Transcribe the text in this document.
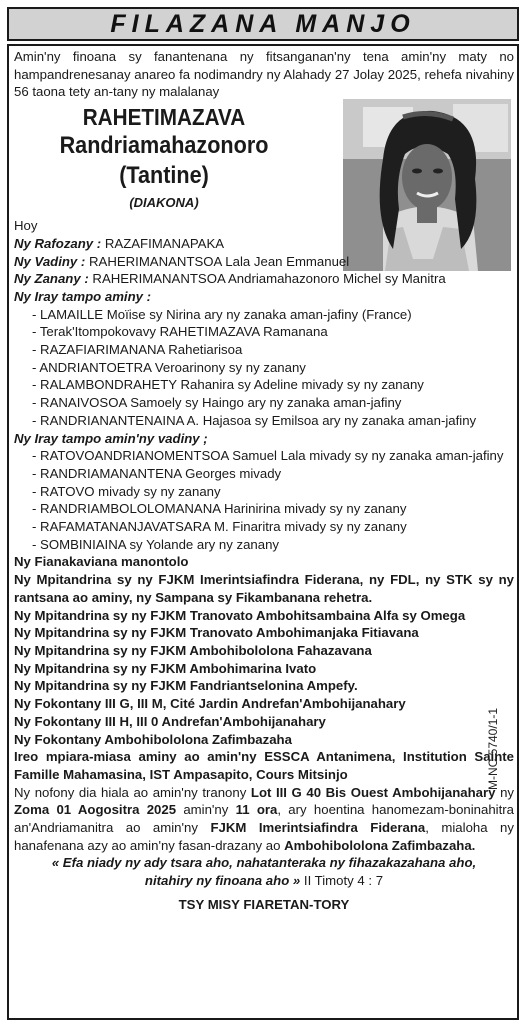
FILAZANA MANJO
Amin'ny finoana sy fanantenana ny fitsanganan'ny tena amin'ny maty no hampandrenesanay anareo fa nodimandry ny Alahady 27 Jolay 2025, rehefa nivahiny 56 taona tety an-tany ny malalanay
RAHETIMAZAVA
Randriamahazonoro
(Tantine)
(DIAKONA)
Hoy
Ny Rafozany : RAZAFIMANAPAKA
Ny Vadiny : RAHERIMANANTSOA Lala Jean Emmanuel
Ny Zanany : RAHERIMANANTSOA Andriamahazonoro Michel sy Manitra
Ny Iray tampo aminy :
- LAMAILLE Moïise sy Nirina ary ny zanaka aman-jafiny (France)
- Terak'Itompokovavy RAHETIMAZAVA Ramanana
- RAZAFIARIMANANA Rahetiarisoa
- ANDRIANTOETRA Veroarinony sy ny zanany
- RALAMBONDRAHETY Rahanira sy Adeline mivady sy ny zanany
- RANAIVOSOA Samoely sy Haingo ary ny zanaka aman-jafiny
- RANDRIANANTENAINA A. Hajasoa sy Emilsoa ary ny zanaka aman-jafiny
Ny Iray tampo amin'ny vadiny ;
- RATOVOANDRIANOMENTSOA Samuel Lala mivady sy ny zanaka aman-jafiny
- RANDRIAMANANTENA Georges mivady
- RATOVO mivady sy ny zanany
- RANDRIAMBOLOLOMANANA Harinirina mivady sy ny zanany
- RAFAMATANANJAVATSARA M. Finaritra mivady sy ny zanany
- SOMBINIAINA sy Yolande ary ny zanany
Ny Fianakaviana manontolo
Ny Mpitandrina sy ny FJKM Imerintsiafindra Fiderana, ny FDL, ny STK sy ny rantsana ao aminy, ny Sampana sy Fikambanana rehetra.
Ny Mpitandrina sy ny FJKM Tranovato Ambohitsambaina Alfa sy Omega
Ny Mpitandrina sy ny FJKM Tranovato Ambohimanjaka Fitiavana
Ny Mpitandrina sy ny FJKM Ambohibololona Fahazavana
Ny Mpitandrina sy ny FJKM Ambohimarina Ivato
Ny Mpitandrina sy ny FJKM Fandriantselonina Ampefy.
Ny Fokontany III G, III M, Cité Jardin Andrefan'Ambohijanahary
Ny Fokontany III H, III 0 Andrefan'Ambohijanahary
Ny Fokontany Ambohibololona Zafimbazaha
Ireo mpiara-miasa aminy ao amin'ny ESSCA Antanimena, Institution Sainte Famille Mahamasina, IST Ampasapito, Cours Mitsinjo
Ny nofony dia hiala ao amin'ny tranony Lot III G 40 Bis Ouest Ambohijanahary ny Zoma 01 Aogositra 2025 amin'ny 11 ora, ary hoentina hanomezam-boninahitra an'Andriamanitra ao amin'ny FJKM Imerintsiafindra Fiderana, mialoha ny hanafenana azy ao amin'ny fasan-drazany ao Ambohibololona Zafimbazaha.
« Efa niady ny ady tsara aho, nahatanteraka ny fihazakazahana aho, nitahiry ny finoana aho » II Timoty 4 : 7
TSY MISY FIARETAN-TORY
M-NC 5740/1-1
